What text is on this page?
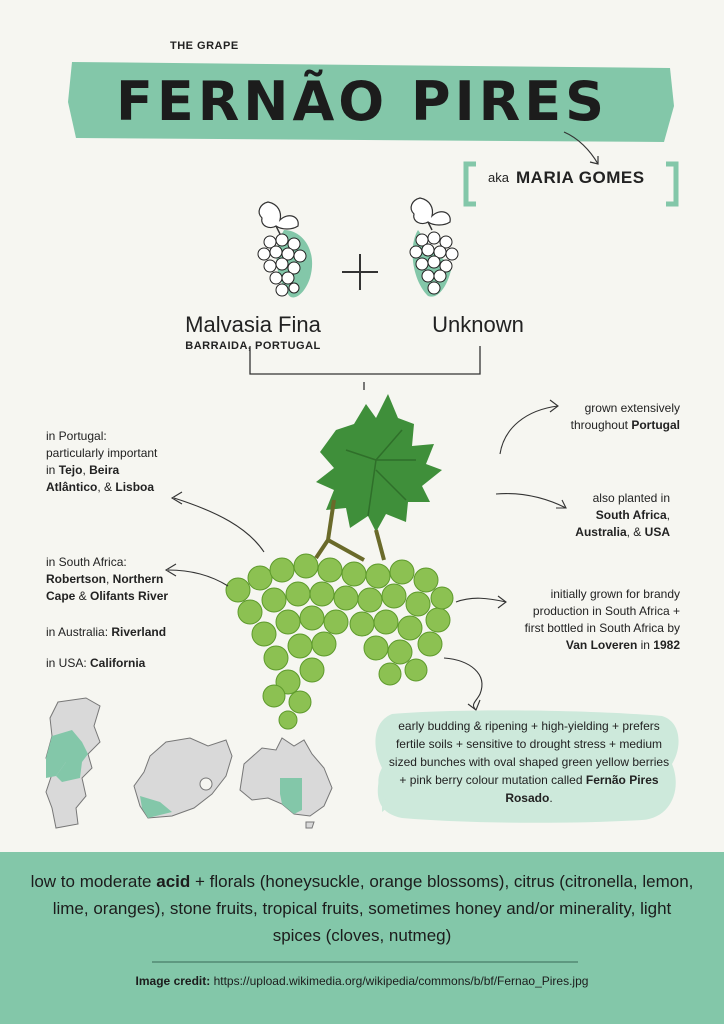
THE GRAPE
FERNÃO PIRES
aka MARIA GOMES
Malvasia Fina
BARRAIDA, PORTUGAL
Unknown
in Portugal:
particularly important
in Tejo, Beira
Atlântico, & Lisboa
in South Africa:
Robertson, Northern
Cape & Olifants River
in Australia: Riverland
in USA: California
grown extensively
throughout Portugal
also planted in
South Africa,
Australia, & USA
initially grown for brandy
production in South Africa +
first bottled in South Africa by
Van Loveren in 1982
early budding & ripening + high-yielding + prefers fertile soils + sensitive to drought stress + medium sized bunches with oval shaped green yellow berries + pink berry colour mutation called Fernão Pires Rosado.
low to moderate acid + florals (honeysuckle, orange blossoms), citrus (citronella, lemon, lime, oranges), stone fruits, tropical fruits, sometimes honey and/or minerality, light spices (cloves, nutmeg)
Image credit: https://upload.wikimedia.org/wikipedia/commons/b/bf/Fernao_Pires.jpg
